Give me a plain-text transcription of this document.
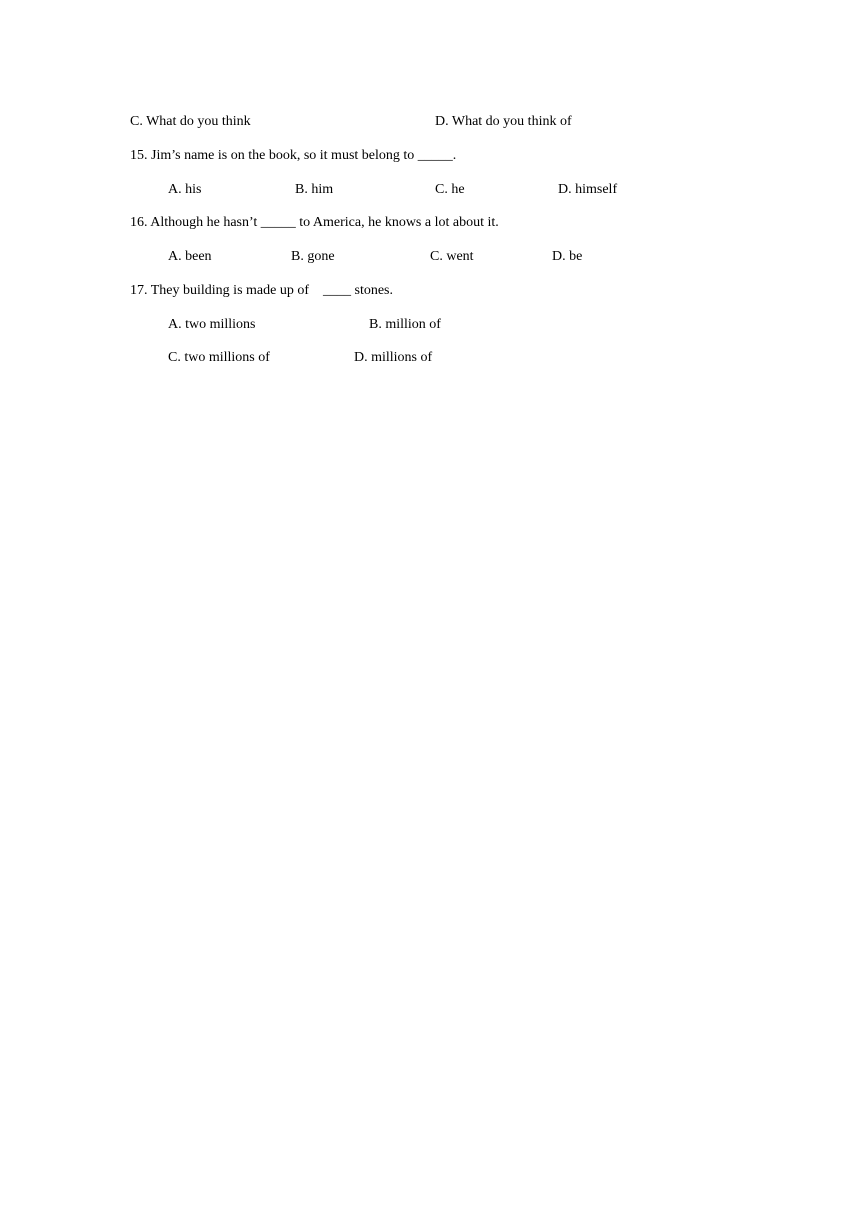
C. What do you think	D. What do you think of
15. Jim’s name is on the book, so it must belong to _____.
A. his	B. him	C. he	D. himself
16. Although he hasn’t _____ to America, he knows a lot about it.
A. been	B. gone	C. went	D. be
17. They building is made up of    ____ stones.
A. two millions	B. million of
C. two millions of	D. millions of
